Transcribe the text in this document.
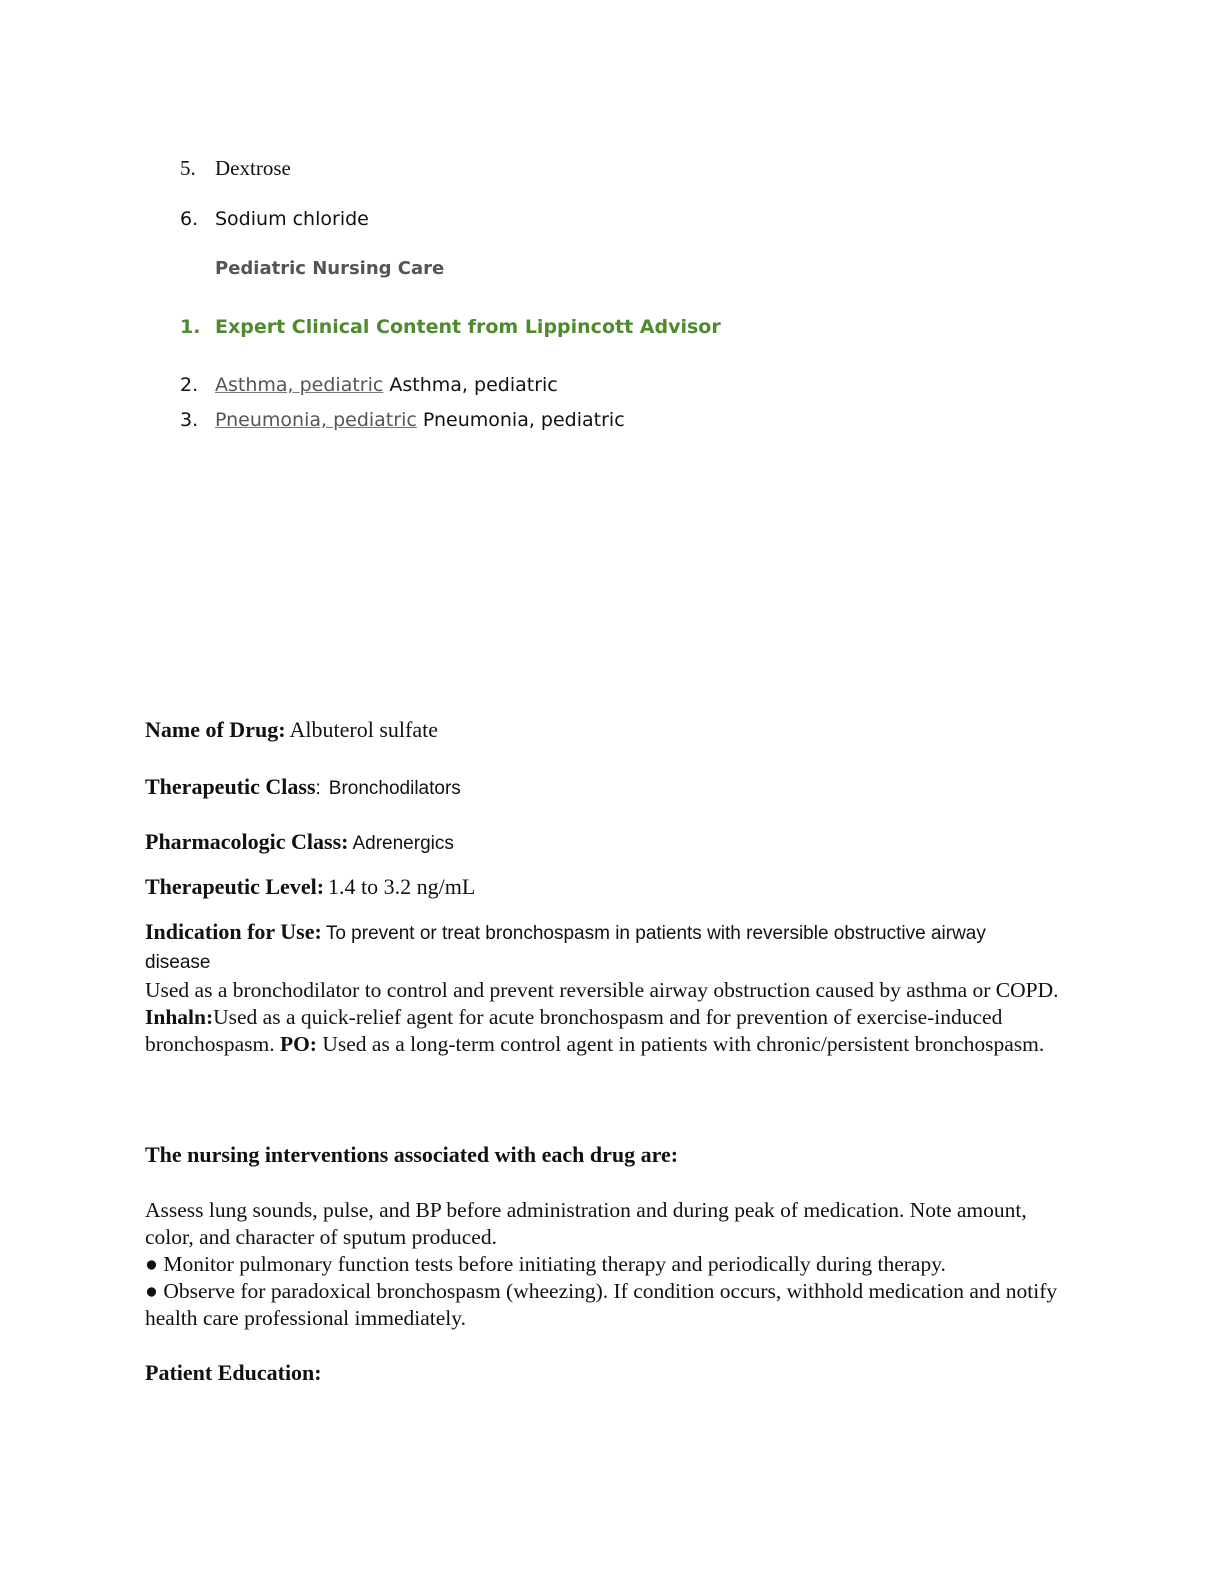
5. Dextrose
6. Sodium chloride
Pediatric Nursing Care
1. Expert Clinical Content from Lippincott Advisor
2. Asthma, pediatric Asthma, pediatric
3. Pneumonia, pediatric Pneumonia, pediatric
Name of Drug: Albuterol sulfate
Therapeutic Class: Bronchodilators
Pharmacologic Class: Adrenergics
Therapeutic Level: 1.4 to 3.2 ng/mL
Indication for Use: To prevent or treat bronchospasm in patients with reversible obstructive airway disease
Used as a bronchodilator to control and prevent reversible airway obstruction caused by asthma or COPD. Inhaln:Used as a quick-relief agent for acute bronchospasm and for prevention of exercise-induced bronchospasm. PO: Used as a long-term control agent in patients with chronic/persistent bronchospasm.
The nursing interventions associated with each drug are:
Assess lung sounds, pulse, and BP before administration and during peak of medication. Note amount, color, and character of sputum produced.
● Monitor pulmonary function tests before initiating therapy and periodically during therapy.
● Observe for paradoxical bronchospasm (wheezing). If condition occurs, withhold medication and notify health care professional immediately.
Patient Education:
